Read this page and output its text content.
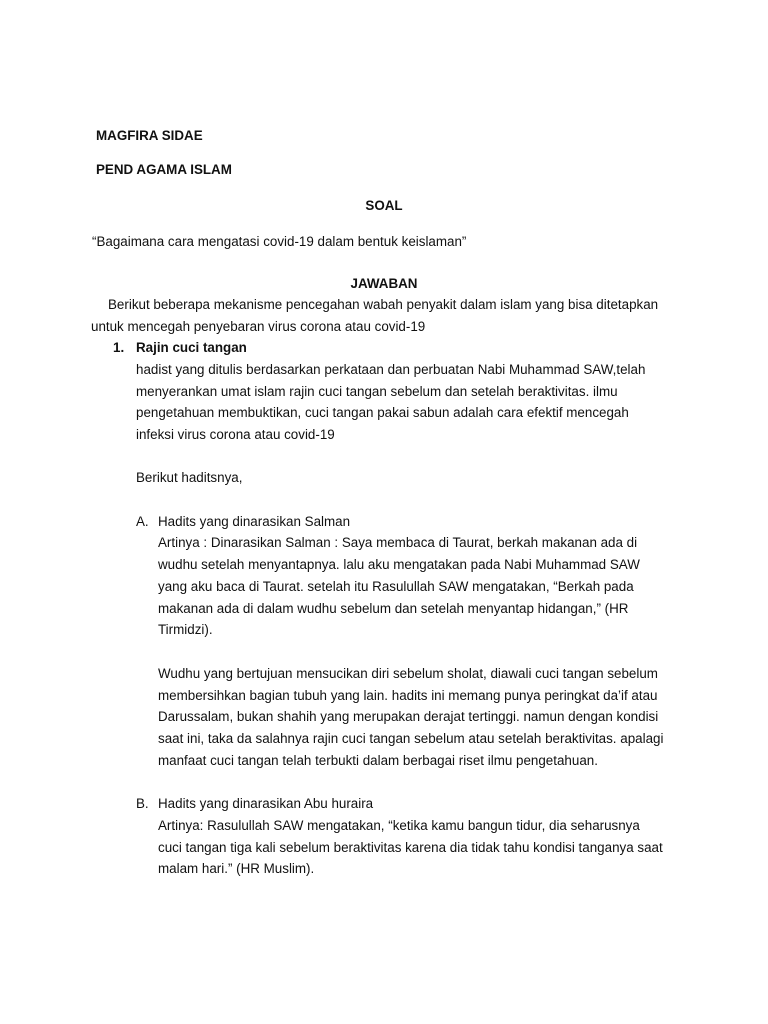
MAGFIRA SIDAE
PEND AGAMA ISLAM
SOAL
“Bagaimana cara mengatasi covid-19 dalam bentuk keislaman”
JAWABAN
Berikut beberapa mekanisme pencegahan wabah penyakit dalam islam yang bisa ditetapkan
untuk mencegah penyebaran virus corona atau covid-19
1. Rajin cuci tangan
hadist yang ditulis berdasarkan perkataan dan perbuatan Nabi Muhammad SAW,telah
menyerankan umat islam rajin cuci tangan sebelum dan setelah beraktivitas. ilmu
pengetahuan membuktikan, cuci tangan pakai sabun adalah cara efektif mencegah
infeksi virus corona atau covid-19
Berikut haditsnya,
A. Hadits yang dinarasikan Salman
Artinya : Dinarasikan Salman : Saya membaca di Taurat, berkah makanan ada di
wudhu setelah menyantapnya. lalu aku mengatakan pada Nabi Muhammad SAW
yang aku baca di Taurat. setelah itu Rasulullah SAW mengatakan, “Berkah pada
makanan ada di dalam wudhu sebelum dan setelah menyantap hidangan,” (HR
Tirmidzi).
Wudhu yang bertujuan mensucikan diri sebelum sholat, diawali cuci tangan sebelum
membersihkan bagian tubuh yang lain. hadits ini memang punya peringkat da’if atau
Darussalam, bukan shahih yang merupakan derajat tertinggi. namun dengan kondisi
saat ini, taka da salahnya rajin cuci tangan sebelum atau setelah beraktivitas. apalagi
manfaat cuci tangan telah terbukti dalam berbagai riset ilmu pengetahuan.
B. Hadits yang dinarasikan Abu huraira
Artinya: Rasulullah SAW mengatakan, “ketika kamu bangun tidur, dia seharusnya
cuci tangan tiga kali sebelum beraktivitas karena dia tidak tahu kondisi tanganya saat
malam hari.” (HR Muslim).
